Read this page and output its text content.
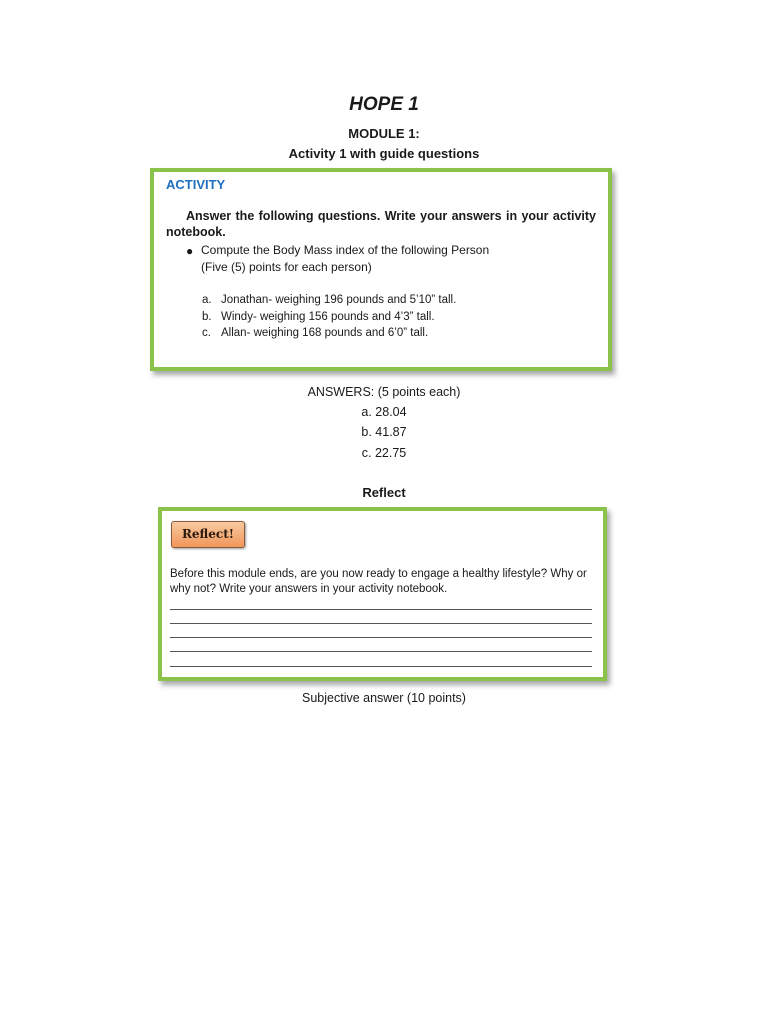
HOPE 1
MODULE 1:
Activity 1 with guide questions
ACTIVITY
Answer the following questions. Write your answers in your activity notebook.
● Compute the Body Mass index of the following Person
(Five (5) points for each person)
a. Jonathan- weighing 196 pounds and 5’10” tall.
b. Windy- weighing 156 pounds and 4’3” tall.
c. Allan- weighing 168 pounds and 6’0” tall.
ANSWERS: (5 points each)
a. 28.04
b. 41.87
c. 22.75
Reflect
Reflect!
Before this module ends, are you now ready to engage a healthy lifestyle? Why or why not? Write your answers in your activity notebook.
Subjective answer (10 points)
